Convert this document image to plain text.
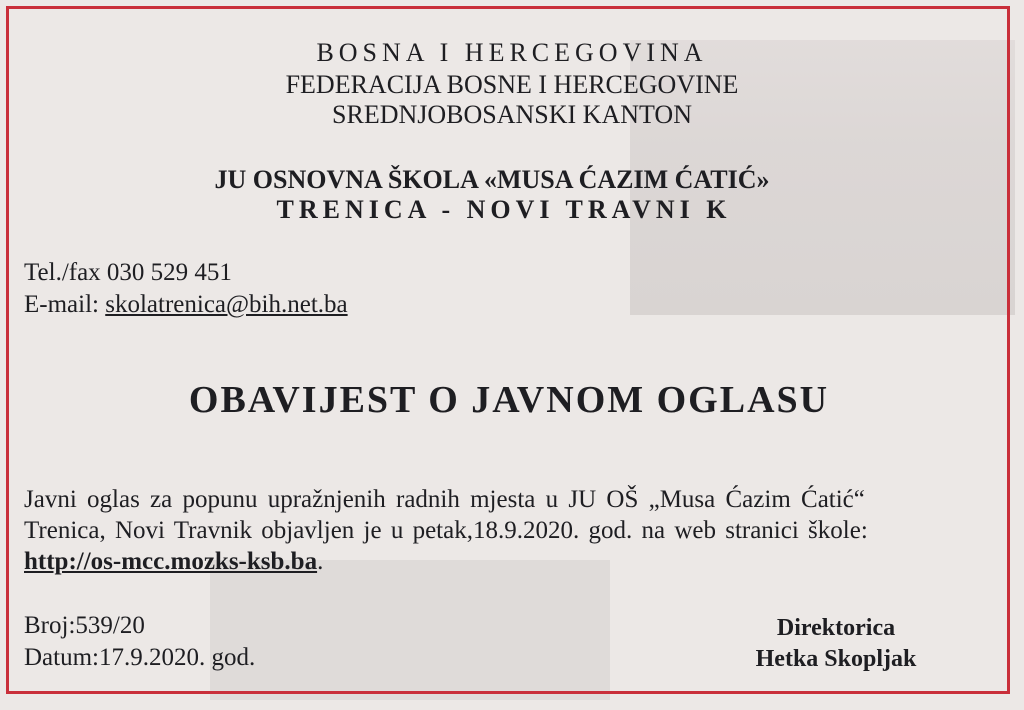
BOSNA I HERCEGOVINA
FEDERACIJA BOSNE I HERCEGOVINE
SREDNJOBOSANSKI KANTON
JU OSNOVNA ŠKOLA «MUSA ĆAZIM ĆATIĆ»
TRENICA - NOVI TRAVNI K
Tel./fax 030 529 451
E-mail: skolatrenica@bih.net.ba
OBAVIJEST O JAVNOM OGLASU
Javni oglas za popunu upražnjenih radnih mjesta u JU OŠ „Musa Ćazim Ćatić“
Trenica, Novi Travnik objavljen je u petak,18.9.2020. god. na web stranici škole:
http://os-mcc.mozks-ksb.ba.
Broj:539/20
Datum:17.9.2020. god.
Direktorica
Hetka Skopljak
